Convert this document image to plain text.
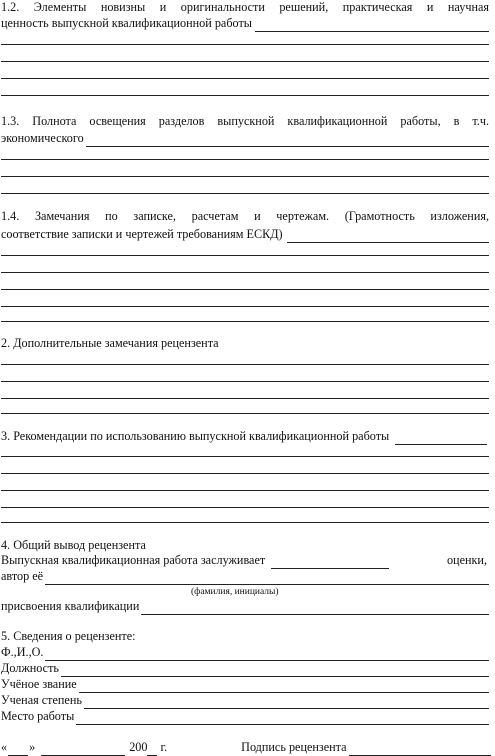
1.2. Элементы новизны и оригинальности решений, практическая и научная
ценность выпускной квалификационной работы
1.3. Полнота освещения разделов выпускной квалификационной работы, в т.ч.
экономического
1.4. Замечания по записке, расчетам и чертежам. (Грамотность изложения,
соответствие записки и чертежей требованиям ЕСКД)
2. Дополнительные замечания рецензента
3. Рекомендации по использованию выпускной квалификационной работы
4. Общий вывод рецензента
Выпускная квалификационная работа заслуживает	оценки,
автор её
(фамилия, инициалы)
присвоения квалификации
5. Сведения о рецензенте:
Ф.,И.,О.
Должность
Учёное звание
Ученая степень
Место работы
« »	200 г.	Подпись рецензента
